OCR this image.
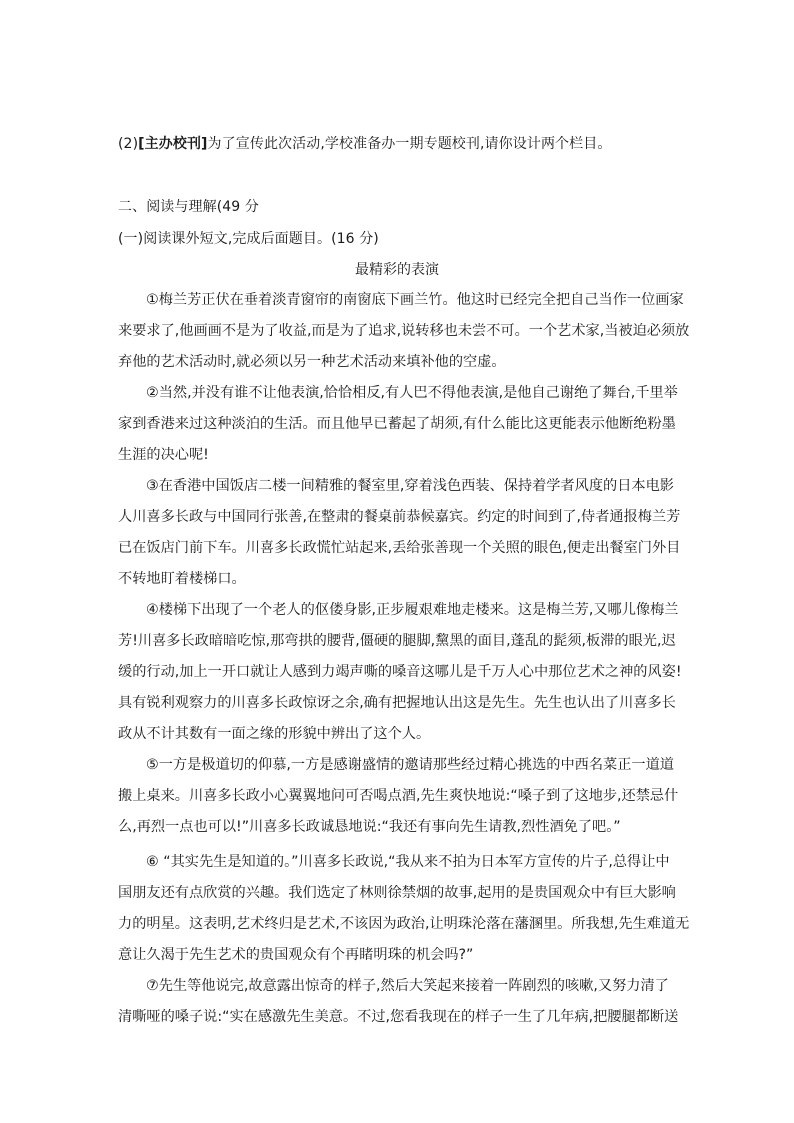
(2)[主办校刊]为了宣传此次活动,学校准备办一期专题校刊,请你设计两个栏目。
二、阅读与理解(49 分
(一)阅读课外短文,完成后面题目。(16 分)
最精彩的表演
①梅兰芳正伏在垂着淡青窗帘的南窗底下画兰竹。他这时已经完全把自己当作一位画家
来要求了,他画画不是为了收益,而是为了追求,说转移也未尝不可。一个艺术家,当被迫必须放
弃他的艺术活动时,就必须以另一种艺术活动来填补他的空虚。
②当然,并没有谁不让他表演,恰恰相反,有人巴不得他表演,是他自己谢绝了舞台,千里举
家到香港来过这种淡泊的生活。而且他早已蓄起了胡须,有什么能比这更能表示他断绝粉墨
生涯的决心呢!
③在香港中国饭店二楼一间精雅的餐室里,穿着浅色西装、保持着学者风度的日本电影
人川喜多长政与中国同行张善,在整肃的餐桌前恭候嘉宾。约定的时间到了,侍者通报梅兰芳
已在饭店门前下车。川喜多长政慌忙站起来,丢给张善现一个关照的眼色,便走出餐室门外目
不转地盯着楼梯口。
④楼梯下出现了一个老人的伛偻身影,正步履艰难地走楼来。这是梅兰芳,又哪儿像梅兰
芳!川喜多长政暗暗吃惊,那弯拱的腰背,僵硬的腿脚,黧黑的面目,蓬乱的髭须,板滞的眼光,迟
缓的行动,加上一开口就让人感到力竭声嘶的嗓音这哪儿是千万人心中那位艺术之神的风姿!
具有锐利观察力的川喜多长政惊讶之余,确有把握地认出这是先生。先生也认出了川喜多长
政从不计其数有一面之缘的形貌中辨出了这个人。
⑤一方是极道切的仰慕,一方是感谢盛情的邀请那些经过精心挑选的中西名菜正一道道
搬上桌来。川喜多长政小心翼翼地问可否喝点酒,先生爽快地说:“嗓子到了这地步,还禁忌什
么,再烈一点也可以!”川喜多长政诚恳地说:“我还有事向先生请教,烈性酒免了吧。”
⑥ “其实先生是知道的。”川喜多长政说,“我从来不拍为日本军方宣传的片子,总得让中
国朋友还有点欣赏的兴趣。我们选定了林则徐禁烟的故事,起用的是贵国观众中有巨大影响
力的明星。这表明,艺术终归是艺术,不该因为政治,让明珠沦落在藩溷里。所我想,先生难道无
意让久渴于先生艺术的贵国观众有个再睹明珠的机会吗?”
⑦先生等他说完,故意露出惊奇的样子,然后大笑起来接着一阵剧烈的咳嗽,又努力清了
清嘶哑的嗓子说:“实在感激先生美意。不过,您看我现在的样子一生了几年病,把腰腿都断送
